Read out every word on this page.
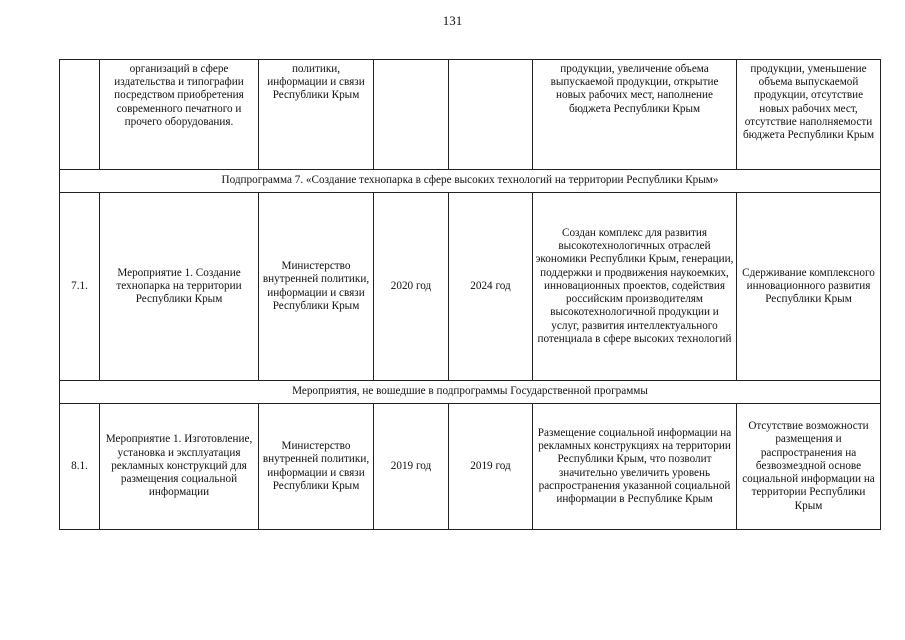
131
	организаций в сфере издательства и типографии посредством приобретения современного печатного и прочего оборудования.	политики, информации и связи Республики Крым			продукции, увеличение объема выпускаемой продукции, открытие новых рабочих мест, наполнение бюджета Республики Крым	продукции, уменьшение объема выпускаемой продукции, отсутствие новых рабочих мест, отсутствие наполняемости бюджета Республики Крым
Подпрограмма 7. «Создание технопарка в сфере высоких технологий на территории Республики Крым»						
7.1.	Мероприятие 1. Создание технопарка на территории Республики Крым	Министерство внутренней политики, информации и связи Республики Крым	2020 год	2024 год	Создан комплекс для развития высокотехнологичных отраслей экономики Республики Крым, генерации, поддержки и продвижения наукоемких, инновационных проектов, содействия российским производителям высокотехнологичной продукции и услуг, развития интеллектуального потенциала в сфере высоких технологий	Сдерживание комплексного инновационного развития Республики Крым
Мероприятия, не вошедшие в подпрограммы Государственной программы						
8.1.	Мероприятие 1. Изготовление, установка и эксплуатация рекламных конструкций для размещения социальной информации	Министерство внутренней политики, информации и связи Республики Крым	2019 год	2019 год	Размещение социальной информации на рекламных конструкциях на территории Республики Крым, что позволит значительно увеличить уровень распространения указанной социальной информации в Республике Крым	Отсутствие возможности размещения и распространения на безвозмездной основе социальной информации на территории Республики Крым
